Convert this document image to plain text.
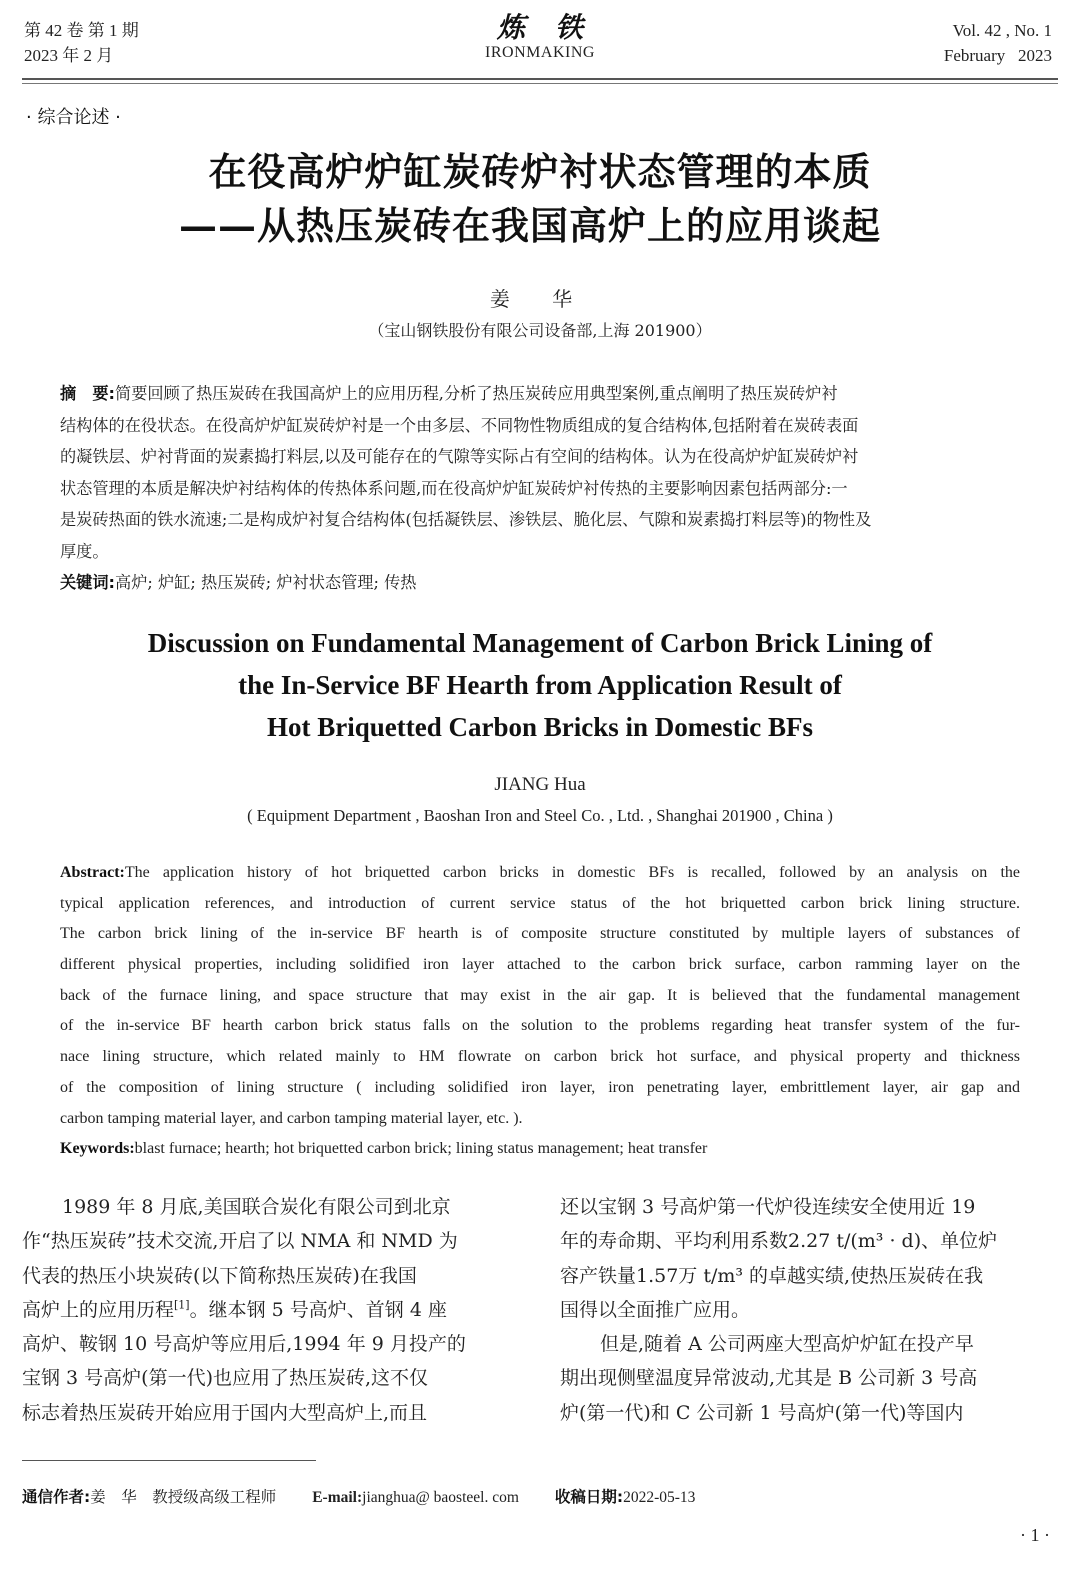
第 42 卷 第 1 期
2023 年 2 月
炼铁
IRONMAKING
Vol. 42 , No. 1
February   2023
· 综合论述 ·
在役高炉炉缸炭砖炉衬状态管理的本质
——从热压炭砖在我国高炉上的应用谈起
姜 华
（宝山钢铁股份有限公司设备部,上海 201900）
摘　要:简要回顾了热压炭砖在我国高炉上的应用历程,分析了热压炭砖应用典型案例,重点阐明了热压炭砖炉衬
结构体的在役状态。在役高炉炉缸炭砖炉衬是一个由多层、不同物性物质组成的复合结构体,包括附着在炭砖表面
的凝铁层、炉衬背面的炭素捣打料层,以及可能存在的气隙等实际占有空间的结构体。认为在役高炉炉缸炭砖炉衬
状态管理的本质是解决炉衬结构体的传热体系问题,而在役高炉炉缸炭砖炉衬传热的主要影响因素包括两部分:一
是炭砖热面的铁水流速;二是构成炉衬复合结构体(包括凝铁层、渗铁层、脆化层、气隙和炭素捣打料层等)的物性及
厚度。
关键词:高炉; 炉缸; 热压炭砖; 炉衬状态管理; 传热
Discussion on Fundamental Management of Carbon Brick Lining of
the In-Service BF Hearth from Application Result of
Hot Briquetted Carbon Bricks in Domestic BFs
JIANG Hua
( Equipment Department , Baoshan Iron and Steel Co. , Ltd. , Shanghai 201900 , China )
Abstract:The application history of hot briquetted carbon bricks in domestic BFs is recalled, followed by an analysis on the
typical application references, and introduction of current service status of the hot briquetted carbon brick lining structure.
The carbon brick lining of the in-service BF hearth is of composite structure constituted by multiple layers of substances of
different physical properties, including solidified iron layer attached to the carbon brick surface, carbon ramming layer on the
back of the furnace lining, and space structure that may exist in the air gap. It is believed that the fundamental management
of the in-service BF hearth carbon brick status falls on the solution to the problems regarding heat transfer system of the fur-
nace lining structure, which related mainly to HM flowrate on carbon brick hot surface, and physical property and thickness
of the composition of lining structure ( including solidified iron layer, iron penetrating layer, embrittlement layer, air gap and
carbon tamping material layer, and carbon tamping material layer, etc. ).
Keywords:blast furnace; hearth; hot briquetted carbon brick; lining status management; heat transfer
1989 年 8 月底,美国联合炭化有限公司到北京
作“热压炭砖”技术交流,开启了以 NMA 和 NMD 为
代表的热压小块炭砖(以下简称热压炭砖)在我国
高炉上的应用历程[1]。继本钢 5 号高炉、首钢 4 座
高炉、鞍钢 10 号高炉等应用后,1994 年 9 月投产的
宝钢 3 号高炉(第一代)也应用了热压炭砖,这不仅
标志着热压炭砖开始应用于国内大型高炉上,而且
还以宝钢 3 号高炉第一代炉役连续安全使用近 19
年的寿命期、平均利用系数2.27 t/(m³ · d)、单位炉
容产铁量1.57万 t/m³ 的卓越实绩,使热压炭砖在我
国得以全面推广应用。
但是,随着 A 公司两座大型高炉炉缸在投产早
期出现侧壁温度异常波动,尤其是 B 公司新 3 号高
炉(第一代)和 C 公司新 1 号高炉(第一代)等国内
通信作者:姜　华　教授级高级工程师 E-mail:jianghua@ baosteel. com 收稿日期:2022-05-13
· 1 ·
